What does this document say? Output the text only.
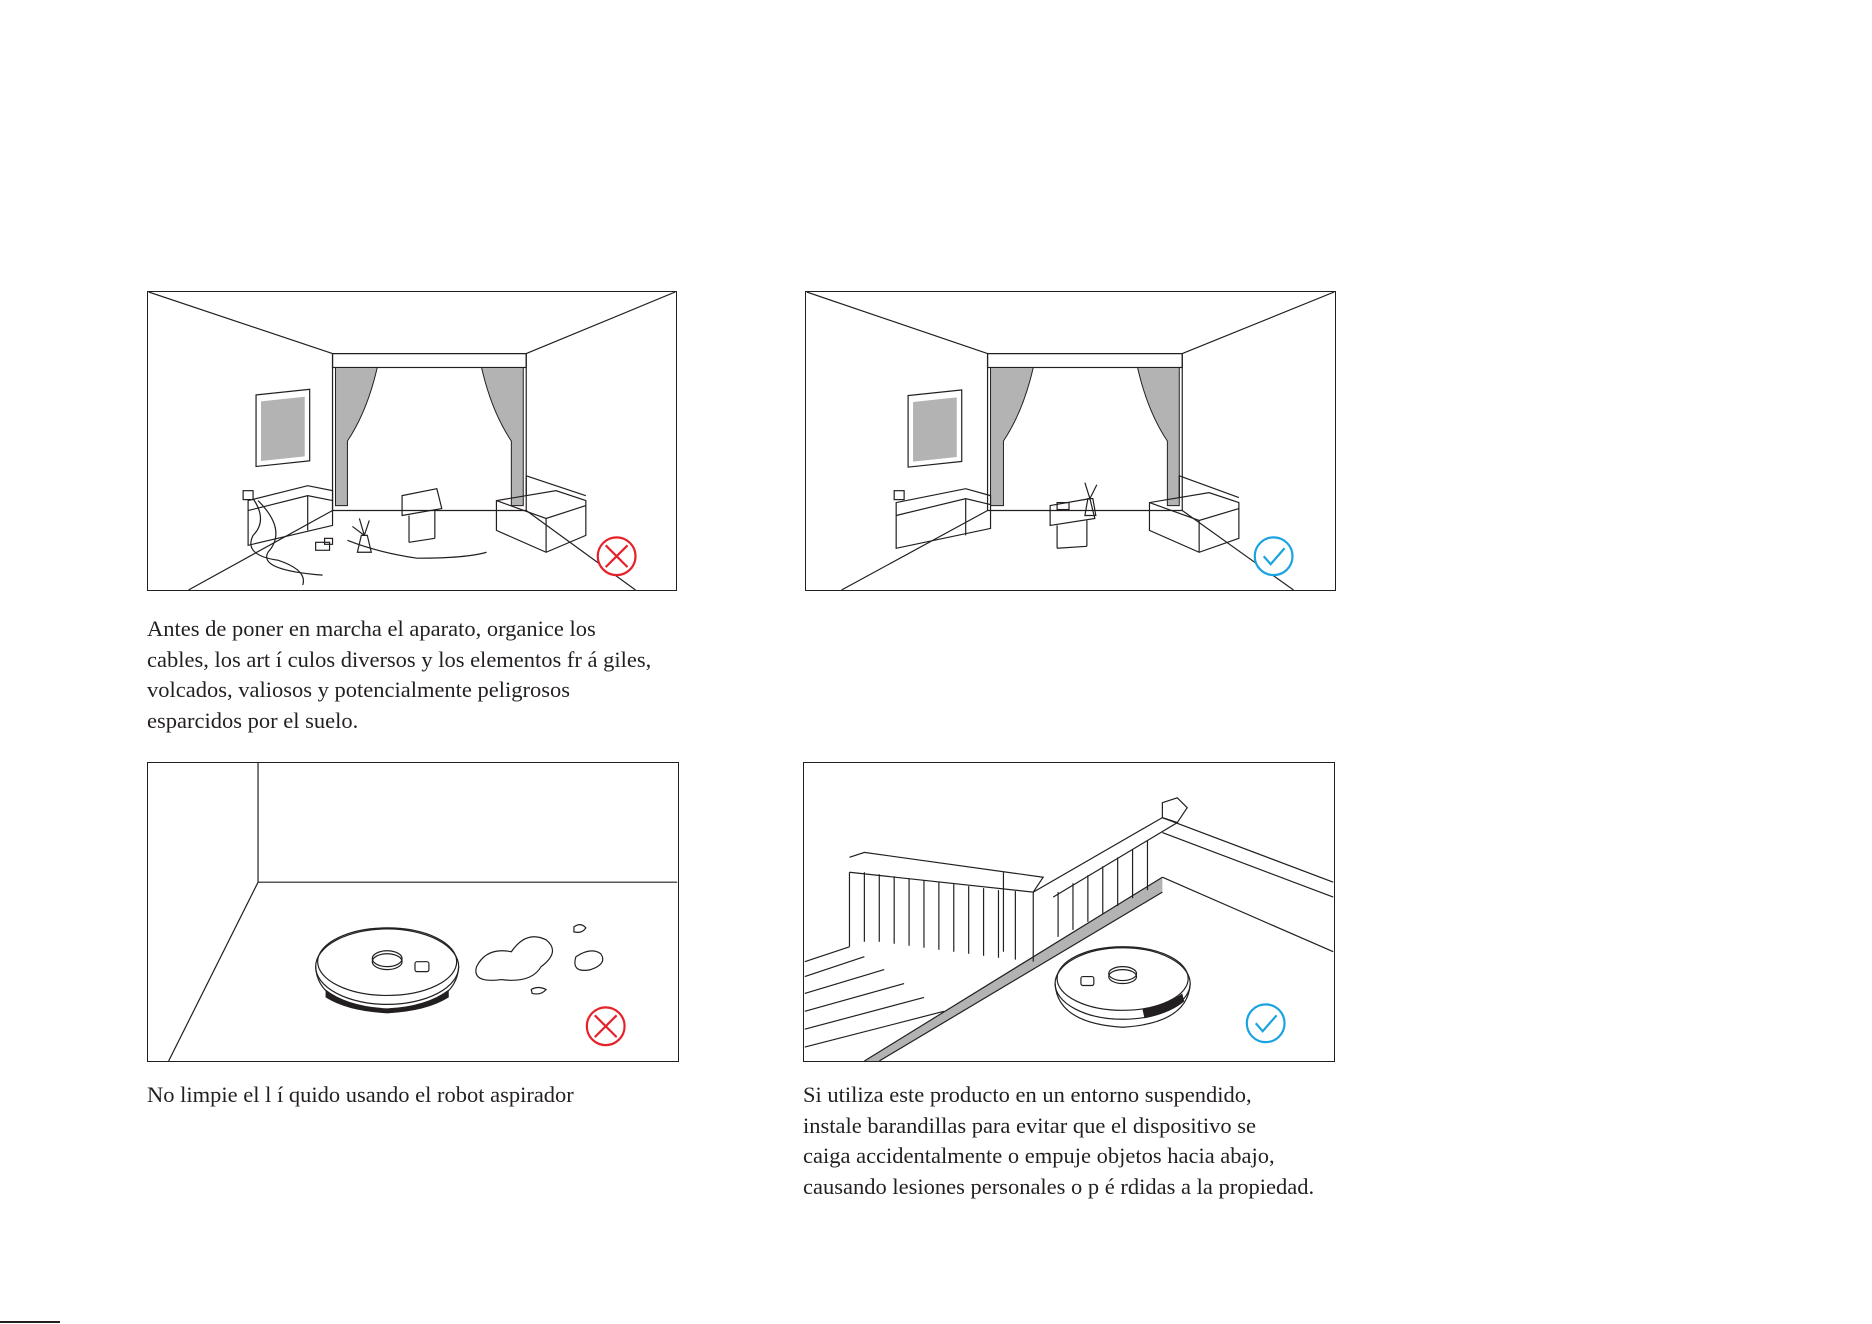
Antes de poner en marcha el aparato, organice los
cables, los art í culos diversos y los elementos fr á giles,
volcados, valiosos y potencialmente peligrosos
esparcidos por el suelo.
No limpie el l í quido usando el robot aspirador	Si utiliza este producto en un entorno suspendido,
instale barandillas para evitar que el dispositivo se
caiga accidentalmente o empuje objetos hacia abajo,
causando lesiones personales o p é rdidas a la propiedad.
